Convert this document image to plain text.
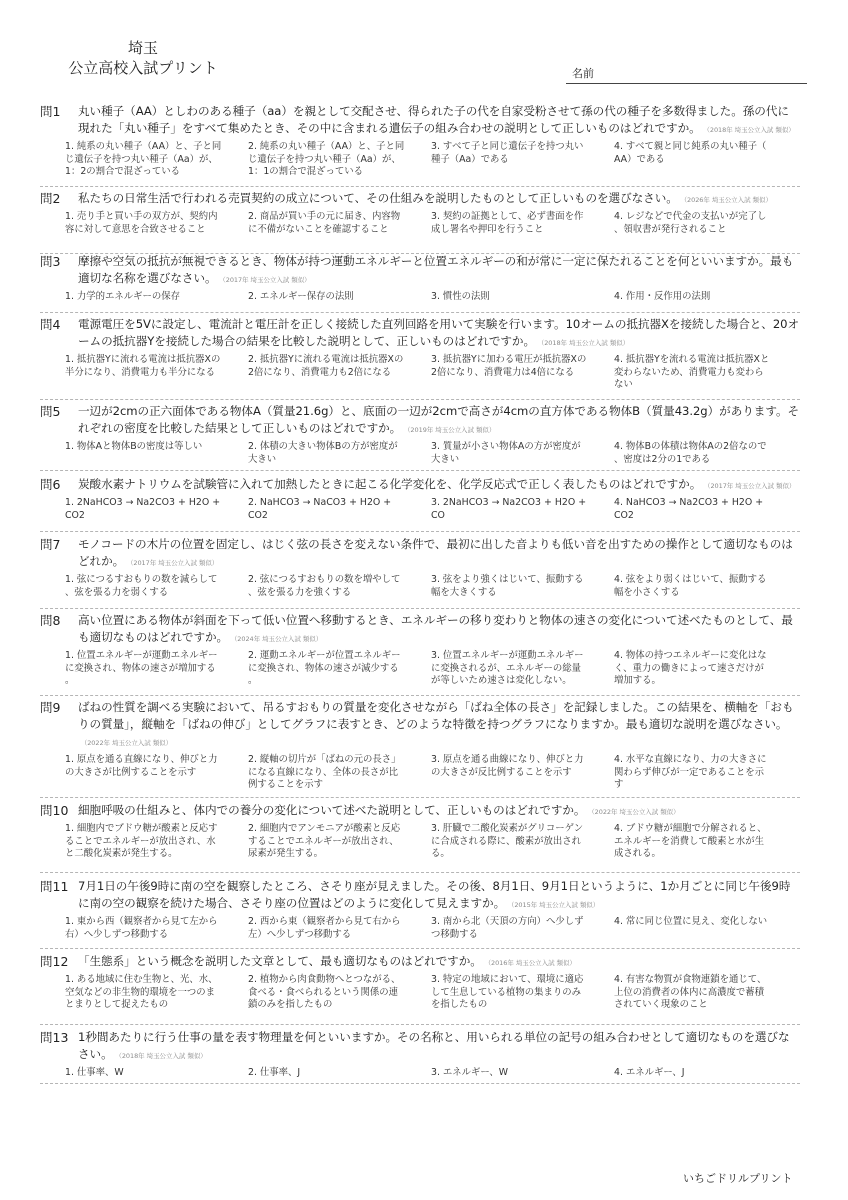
埼玉
公立高校入試プリント	名前
問1 丸い種子（AA）としわのある種子（aa）を親として交配させ、得られた子の代を自家受粉させて孫の代の種子を多数得ました。孫の代に現れた「丸い種子」をすべて集めたとき、その中に含まれる遺伝子の組み合わせの説明として正しいものはどれですか。 （2018年 埼玉公立入試 類似）

1. 純系の丸い種子（AA）と、子と同
じ遺伝子を持つ丸い種子（Aa）が、
1：2の割合で混ざっている
2. 純系の丸い種子（AA）と、子と同
じ遺伝子を持つ丸い種子（Aa）が、
1：1の割合で混ざっている
3. すべて子と同じ遺伝子を持つ丸い
種子（Aa）である
4. すべて親と同じ純系の丸い種子（
AA）である
問2 私たちの日常生活で行われる売買契約の成立について、その仕組みを説明したものとして正しいものを選びなさい。 （2026年 埼玉公立入試 類似）

1. 売り手と買い手の双方が、契約内
容に対して意思を合致させること
2. 商品が買い手の元に届き、内容物
に不備がないことを確認すること
3. 契約の証拠として、必ず書面を作
成し署名や押印を行うこと
4. レジなどで代金の支払いが完了し
、領収書が発行されること
問3 摩擦や空気の抵抗が無視できるとき、物体が持つ運動エネルギーと位置エネルギーの和が常に一定に保たれることを何といいますか。最も適切な名称を選びなさい。 （2017年 埼玉公立入試 類似）

1. 力学的エネルギーの保存	2. エネルギー保存の法則	3. 慣性の法則	4. 作用・反作用の法則
問4 電源電圧を5Vに設定し、電流計と電圧計を正しく接続した直列回路を用いて実験を行います。10オームの抵抗器Xを接続した場合と、20オームの抵抗器Yを接続した場合の結果を比較した説明として、正しいものはどれですか。 （2018年 埼玉公立入試 類似）

1. 抵抗器Yに流れる電流は抵抗器Xの
半分になり、消費電力も半分になる
2. 抵抗器Yに流れる電流は抵抗器Xの
2倍になり、消費電力も2倍になる
3. 抵抗器Yに加わる電圧が抵抗器Xの
2倍になり、消費電力は4倍になる
4. 抵抗器Yを流れる電流は抵抗器Xと
変わらないため、消費電力も変わら
ない
問5 一辺が2cmの正六面体である物体A（質量21.6g）と、底面の一辺が2cmで高さが4cmの直方体である物体B（質量43.2g）があります。それぞれの密度を比較した結果として正しいものはどれですか。 （2019年 埼玉公立入試 類似）

1. 物体Aと物体Bの密度は等しい	2. 体積の大きい物体Bの方が密度が
大きい
3. 質量が小さい物体Aの方が密度が
大きい
4. 物体Bの体積は物体Aの2倍なので
、密度は2分の1である
問6 炭酸水素ナトリウムを試験管に入れて加熱したときに起こる化学変化を、化学反応式で正しく表したものはどれですか。 （2017年 埼玉公立入試 類似）

1. 2NaHCO3 → Na2CO3 + H2O +
CO2
2. NaHCO3 → NaCO3 + H2O +
CO2
3. 2NaHCO3 → Na2CO3 + H2O +
CO
4. NaHCO3 → Na2CO3 + H2O +
CO2
問7 モノコードの木片の位置を固定し、はじく弦の長さを変えない条件で、最初に出した音よりも低い音を出すための操作として適切なものはどれか。 （2017年 埼玉公立入試 類似）

1. 弦につるすおもりの数を減らして
、弦を張る力を弱くする
2. 弦につるすおもりの数を増やして
、弦を張る力を強くする
3. 弦をより強くはじいて、振動する
幅を大きくする
4. 弦をより弱くはじいて、振動する
幅を小さくする
問8 高い位置にある物体が斜面を下って低い位置へ移動するとき、エネルギーの移り変わりと物体の速さの変化について述べたものとして、最も適切なものはどれですか。 （2024年 埼玉公立入試 類似）

1. 位置エネルギーが運動エネルギー
に変換され、物体の速さが増加する
。
2. 運動エネルギーが位置エネルギー
に変換され、物体の速さが減少する
。
3. 位置エネルギーが運動エネルギー
に変換されるが、エネルギーの総量
が等しいため速さは変化しない。
4. 物体の持つエネルギーに変化はな
く、重力の働きによって速さだけが
増加する。
問9 ばねの性質を調べる実験において、吊るすおもりの質量を変化させながら「ばね全体の長さ」を記録しました。この結果を、横軸を「おもりの質量」，縦軸を「ばねの伸び」としてグラフに表すとき、どのような特徴を持つグラフになりますか。最も適切な説明を選びなさい。（2022年 埼玉公立入試 類似）

1. 原点を通る直線になり、伸びと力
の大きさが比例することを示す
2. 縦軸の切片が「ばねの元の長さ」
になる直線になり、全体の長さが比
例することを示す
3. 原点を通る曲線になり、伸びと力
の大きさが反比例することを示す
4. 水平な直線になり、力の大きさに
関わらず伸びが一定であることを示
す
問10 細胞呼吸の仕組みと、体内での養分の変化について述べた説明として、正しいものはどれですか。 （2022年 埼玉公立入試 類似）

1. 細胞内でブドウ糖が酸素と反応す
ることでエネルギーが放出され、水
と二酸化炭素が発生する。
2. 細胞内でアンモニアが酸素と反応
することでエネルギーが放出され、
尿素が発生する。
3. 肝臓で二酸化炭素がグリコーゲン
に合成される際に、酸素が放出され
る。
4. ブドウ糖が細胞で分解されると、
エネルギーを消費して酸素と水が生
成される。
問11 7月1日の午後9時に南の空を観察したところ、さそり座が見えました。その後、8月1日、9月1日というように、1か月ごとに同じ午後9時に南の空の観察を続けた場合、さそり座の位置はどのように変化して見えますか。 （2015年 埼玉公立入試 類似）

1. 東から西（観察者から見て左から
右）へ少しずつ移動する
2. 西から東（観察者から見て右から
左）へ少しずつ移動する
3. 南から北（天頂の方向）へ少しず
つ移動する
4. 常に同じ位置に見え、変化しない
問12 「生態系」という概念を説明した文章として、最も適切なものはどれですか。 （2016年 埼玉公立入試 類似）

1. ある地域に住む生物と、光、水、
空気などの非生物的環境を一つのま
とまりとして捉えたもの
2. 植物から肉食動物へとつながる、
食べる・食べられるという関係の連
鎖のみを指したもの
3. 特定の地域において、環境に適応
して生息している植物の集まりのみ
を指したもの
4. 有害な物質が食物連鎖を通じて、
上位の消費者の体内に高濃度で蓄積
されていく現象のこと
問13 1秒間あたりに行う仕事の量を表す物理量を何といいますか。その名称と、用いられる単位の記号の組み合わせとして適切なものを選びなさい。 （2018年 埼玉公立入試 類似）

1. 仕事率、W	2. 仕事率、J	3. エネルギー、W	4. エネルギー、J
いちごドリルプリント
